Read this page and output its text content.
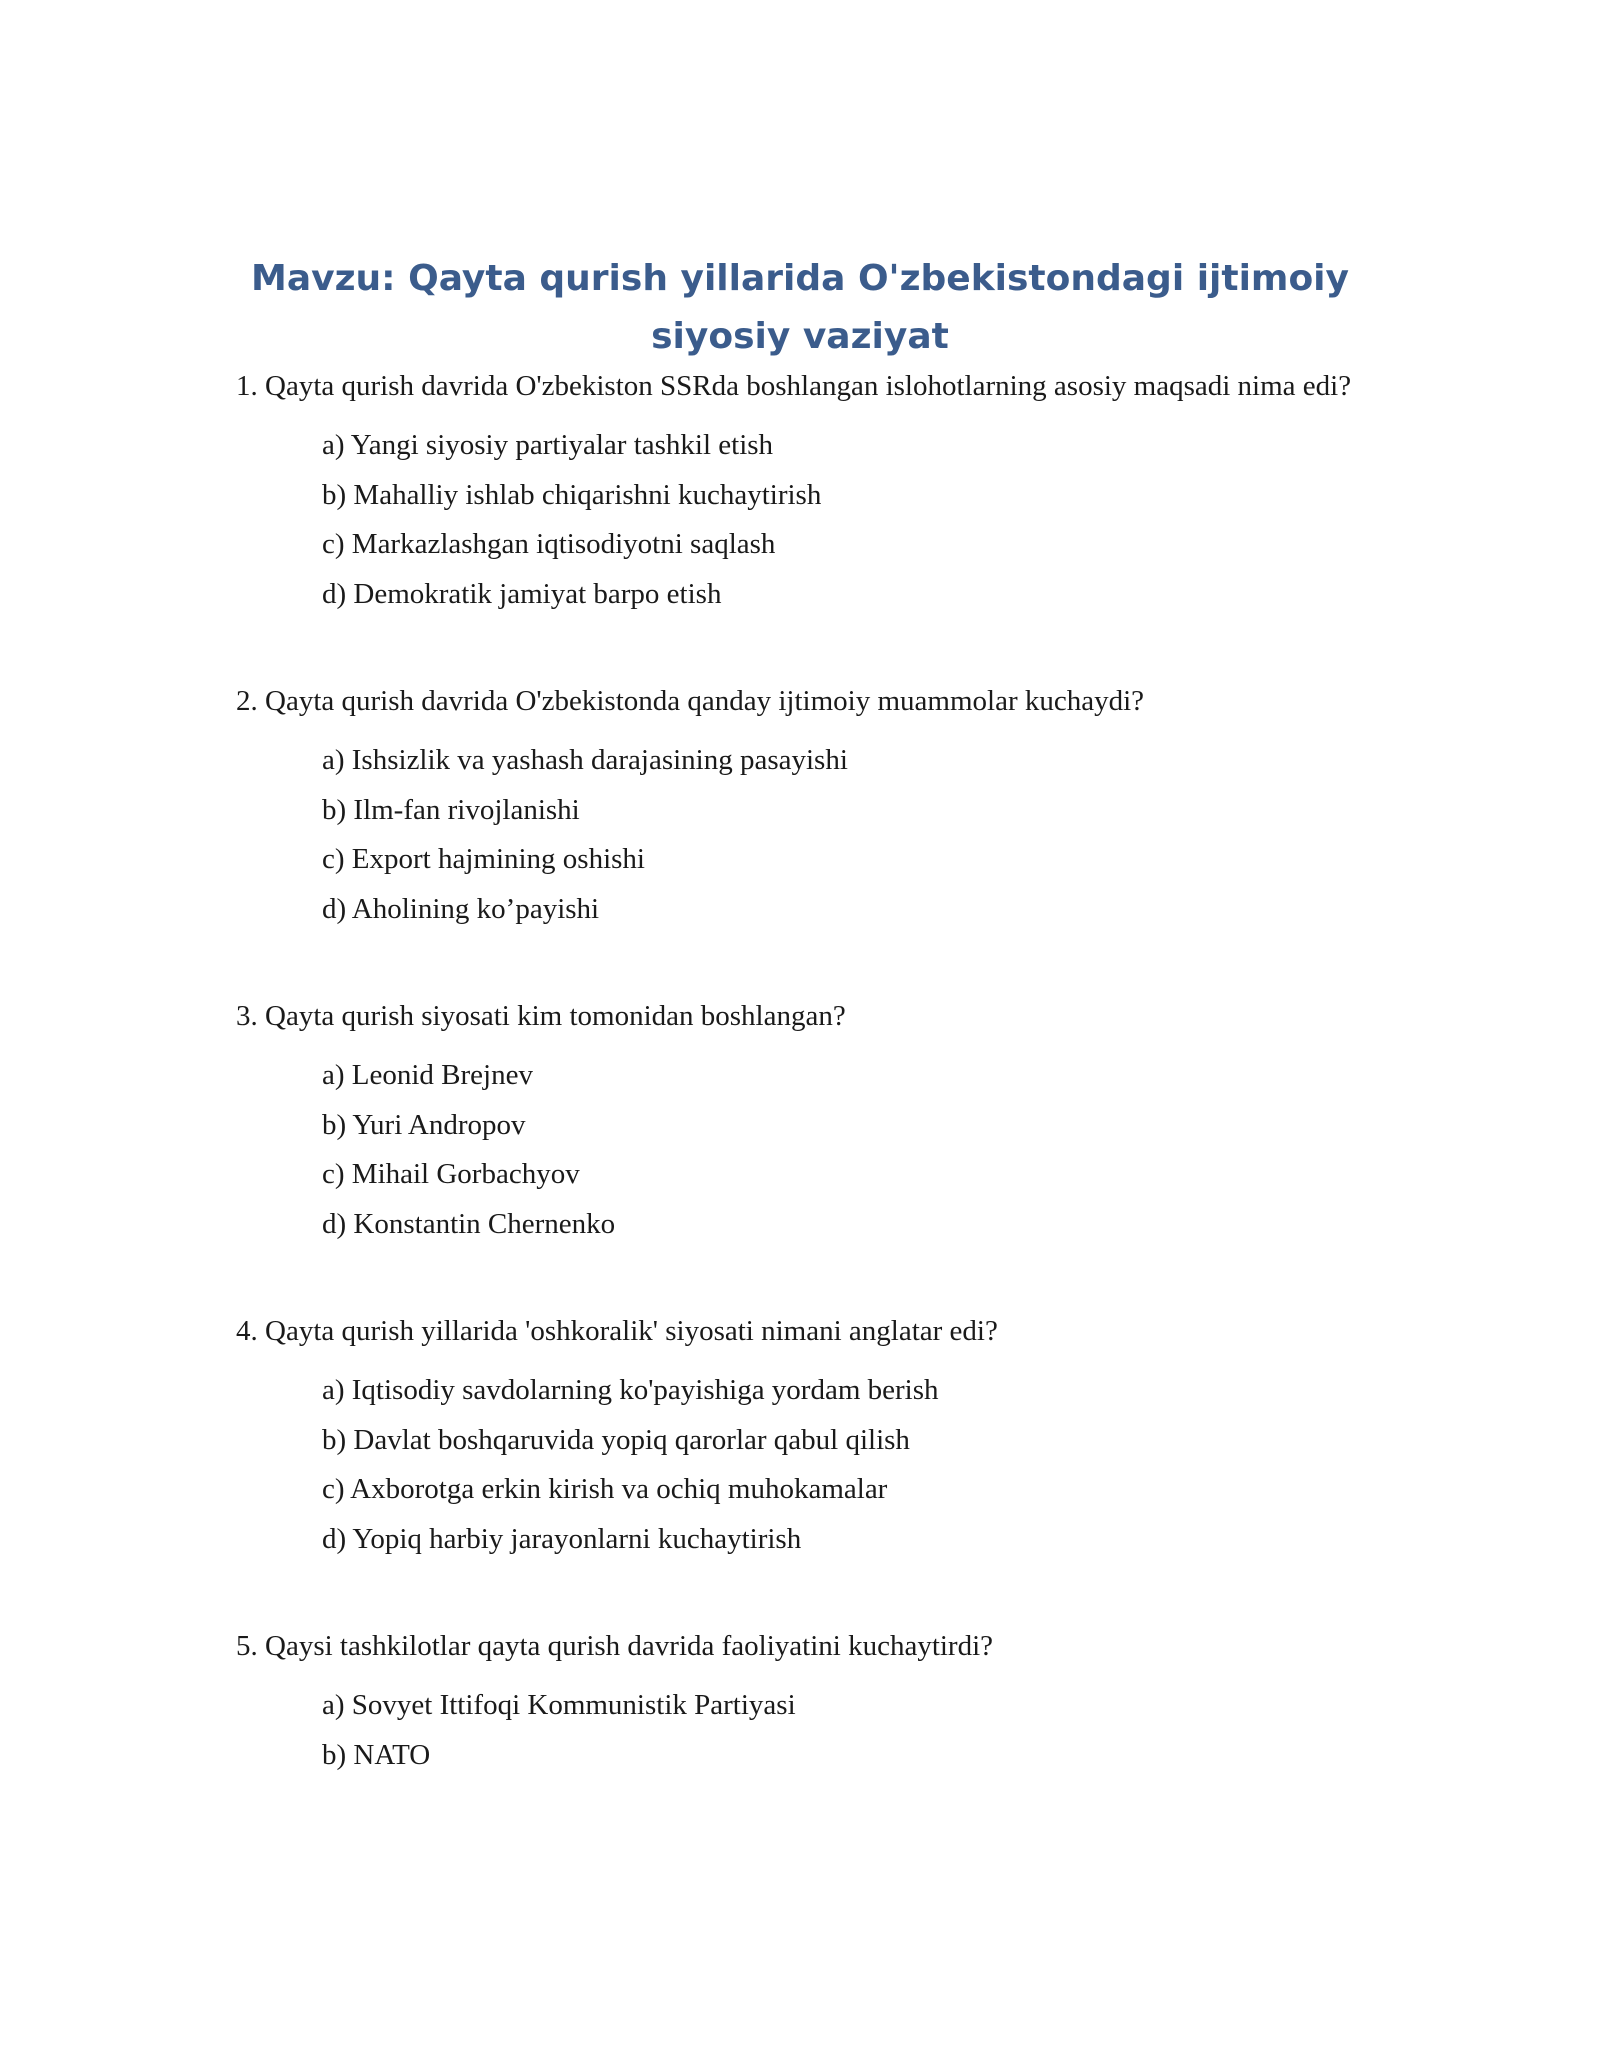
Mavzu: Qayta qurish yillarida O'zbekistondagi ijtimoiy siyosiy vaziyat

1. Qayta qurish davrida O'zbekiston SSRda boshlangan islohotlarning asosiy maqsadi nima edi?

a) Yangi siyosiy partiyalar tashkil etish
b) Mahalliy ishlab chiqarishni kuchaytirish
c) Markazlashgan iqtisodiyotni saqlash
d) Demokratik jamiyat barpo etish

2. Qayta qurish davrida O'zbekistonda qanday ijtimoiy muammolar kuchaydi?

a) Ishsizlik va yashash darajasining pasayishi
b) Ilm-fan rivojlanishi
c) Export hajmining oshishi
d) Aholining ko’payishi

3. Qayta qurish siyosati kim tomonidan boshlangan?

a) Leonid Brejnev
b) Yuri Andropov
c) Mihail Gorbachyov
d) Konstantin Chernenko

4. Qayta qurish yillarida 'oshkoralik' siyosati nimani anglatar edi?

a) Iqtisodiy savdolarning ko'payishiga yordam berish
b) Davlat boshqaruvida yopiq qarorlar qabul qilish
c) Axborotga erkin kirish va ochiq muhokamalar
d) Yopiq harbiy jarayonlarni kuchaytirish

5. Qaysi tashkilotlar qayta qurish davrida faoliyatini kuchaytirdi?

a) Sovyet Ittifoqi Kommunistik Partiyasi
b) NATO
